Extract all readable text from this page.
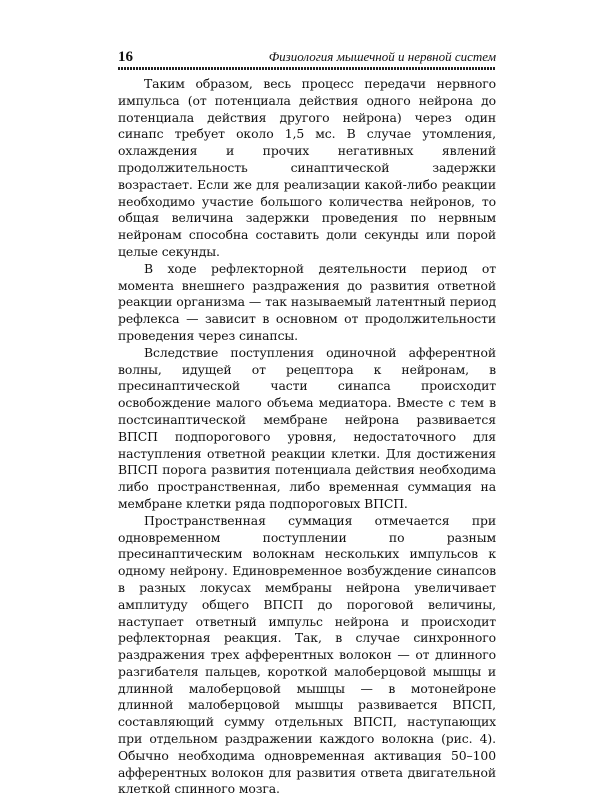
16	Физиология мышечной и нервной систем

Таким образом, весь процесс передачи нервного импульса (от потенциала действия одного нейрона до потенциала действия другого нейрона) через один синапс требует около 1,5 мс. В случае утомления, охлаждения и прочих негативных явлений продолжительность синаптической задержки возрастает. Если же для реализации какой-либо реакции необходимо участие большого количества нейронов, то общая величина задержки проведения по нервным нейронам способна составить доли секунды или порой целые секунды.

В ходе рефлекторной деятельности период от момента внешнего раздражения до развития ответной реакции организма — так называемый латентный период рефлекса — зависит в основном от продолжительности проведения через синапсы.

Вследствие поступления одиночной афферентной волны, идущей от рецептора к нейронам, в пресинаптической части синапса происходит освобождение малого объема медиатора. Вместе с тем в постсинаптической мембране нейрона развивается ВПСП подпорогового уровня, недостаточного для наступления ответной реакции клетки. Для достижения ВПСП порога развития потенциала действия необходима либо пространственная, либо временная суммация на мембране клетки ряда подпороговых ВПСП.

Пространственная суммация отмечается при одновременном поступлении по разным пресинаптическим волокнам нескольких импульсов к одному нейрону. Единовременное возбуждение синапсов в разных локусах мембраны нейрона увеличивает амплитуду общего ВПСП до пороговой величины, наступает ответный импульс нейрона и происходит рефлекторная реакция. Так, в случае синхронного раздражения трех афферентных волокон — от длинного разгибателя пальцев, короткой малоберцовой мышцы и длинной малоберцовой мышцы — в мотонейроне длинной малоберцовой мышцы развивается ВПСП, составляющий сумму отдельных ВПСП, наступающих при отдельном раздражении каждого волокна (рис. 4). Обычно необходима одновременная активация 50–100 афферентных волокон для развития ответа двигательной клеткой спинного мозга.
